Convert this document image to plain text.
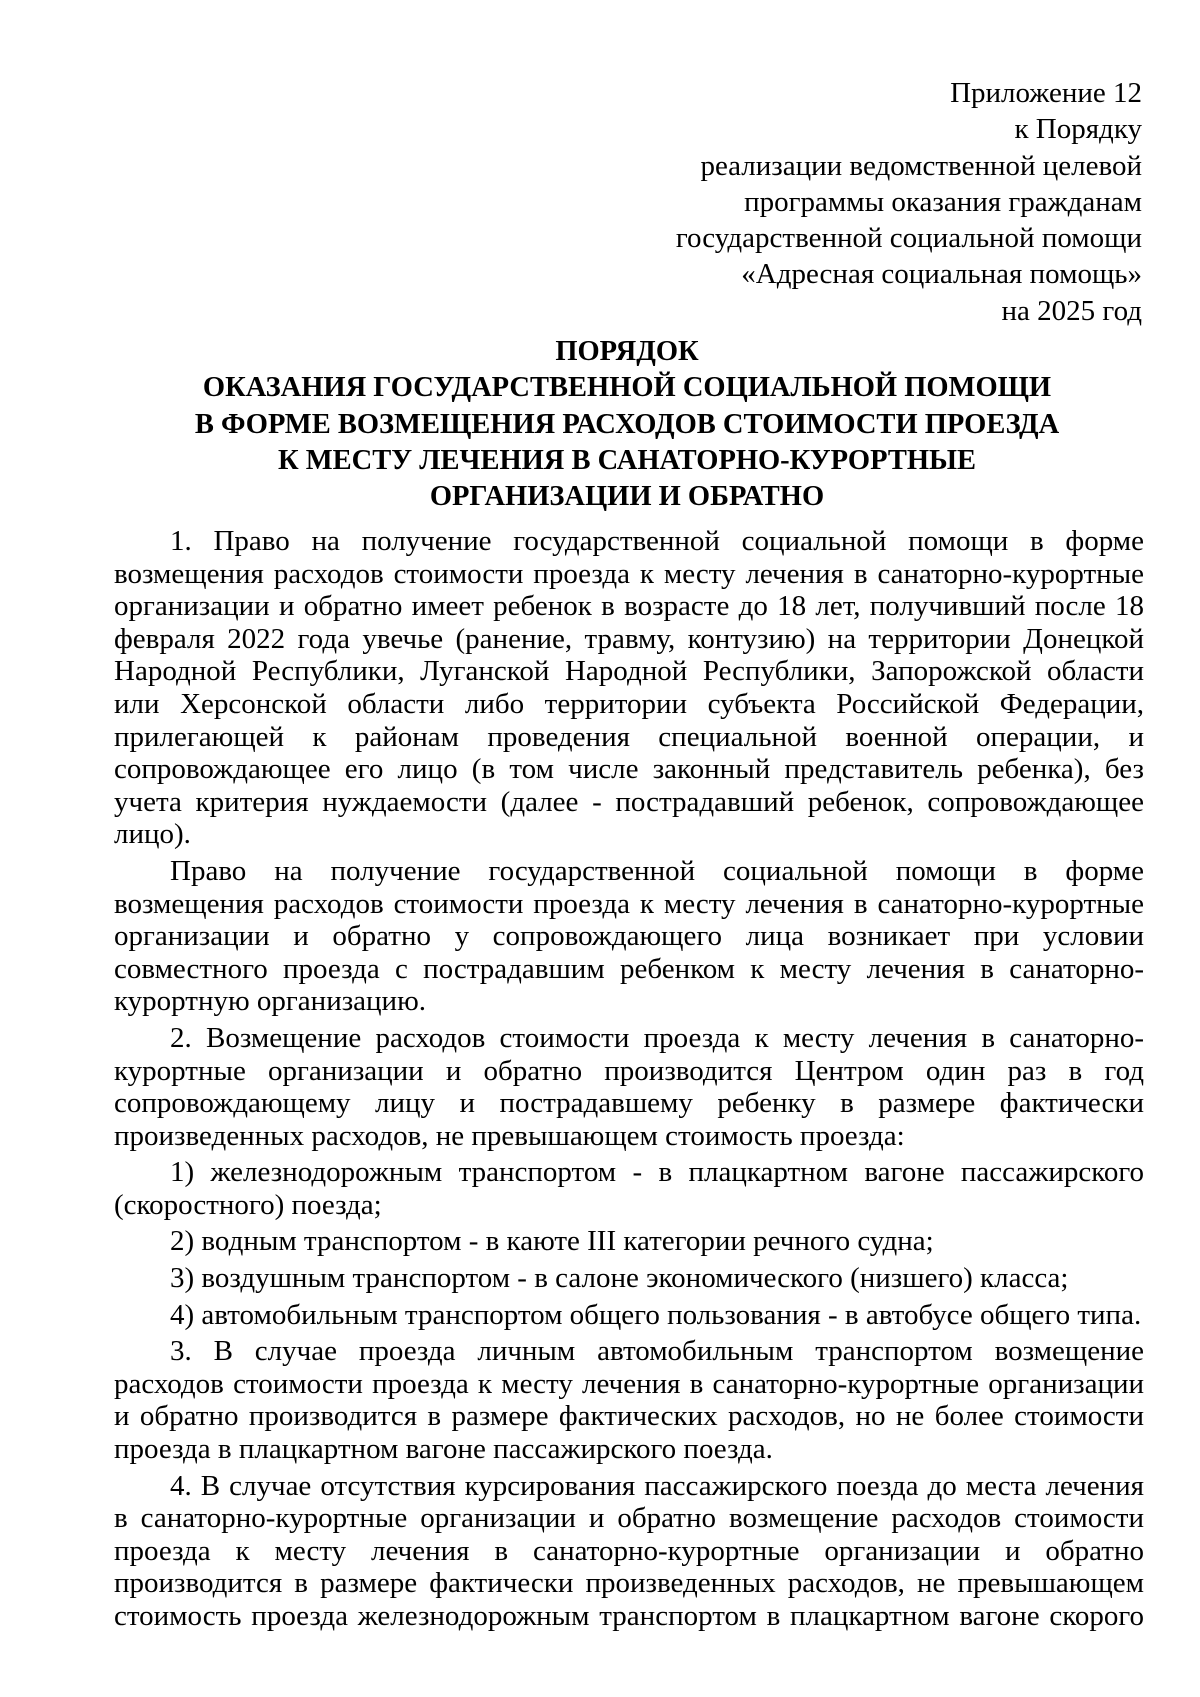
Приложение 12
к Порядку
реализации ведомственной целевой
программы оказания гражданам
государственной социальной помощи
«Адресная социальная помощь»
на 2025 год
ПОРЯДОК
ОКАЗАНИЯ ГОСУДАРСТВЕННОЙ СОЦИАЛЬНОЙ ПОМОЩИ
В ФОРМЕ ВОЗМЕЩЕНИЯ РАСХОДОВ СТОИМОСТИ ПРОЕЗДА
К МЕСТУ ЛЕЧЕНИЯ В САНАТОРНО-КУРОРТНЫЕ
ОРГАНИЗАЦИИ И ОБРАТНО

1. Право на получение государственной социальной помощи в форме возмещения расходов стоимости проезда к месту лечения в санаторно-курортные организации и обратно имеет ребенок в возрасте до 18 лет, получивший после 18 февраля 2022 года увечье (ранение, травму, контузию) на территории Донецкой Народной Республики, Луганской Народной Республики, Запорожской области или Херсонской области либо территории субъекта Российской Федерации, прилегающей к районам проведения специальной военной операции, и сопровождающее его лицо (в том числе законный представитель ребенка), без учета критерия нуждаемости (далее - пострадавший ребенок, сопровождающее лицо).

Право на получение государственной социальной помощи в форме возмещения расходов стоимости проезда к месту лечения в санаторно-курортные организации и обратно у сопровождающего лица возникает при условии совместного проезда с пострадавшим ребенком к месту лечения в санаторно-курортную организацию.

2. Возмещение расходов стоимости проезда к месту лечения в санаторно-курортные организации и обратно производится Центром один раз в год сопровождающему лицу и пострадавшему ребенку в размере фактически произведенных расходов, не превышающем стоимость проезда:

1) железнодорожным транспортом - в плацкартном вагоне пассажирского (скоростного) поезда;

2) водным транспортом - в каюте III категории речного судна;

3) воздушным транспортом - в салоне экономического (низшего) класса;

4) автомобильным транспортом общего пользования - в автобусе общего типа.

3. В случае проезда личным автомобильным транспортом возмещение расходов стоимости проезда к месту лечения в санаторно-курортные организации и обратно производится в размере фактических расходов, но не более стоимости проезда в плацкартном вагоне пассажирского поезда.

4. В случае отсутствия курсирования пассажирского поезда до места лечения в санаторно-курортные организации и обратно возмещение расходов стоимости проезда к месту лечения в санаторно-курортные организации и обратно производится в размере фактически произведенных расходов, не превышающем стоимость проезда железнодорожным транспортом в плацкартном вагоне скорого
